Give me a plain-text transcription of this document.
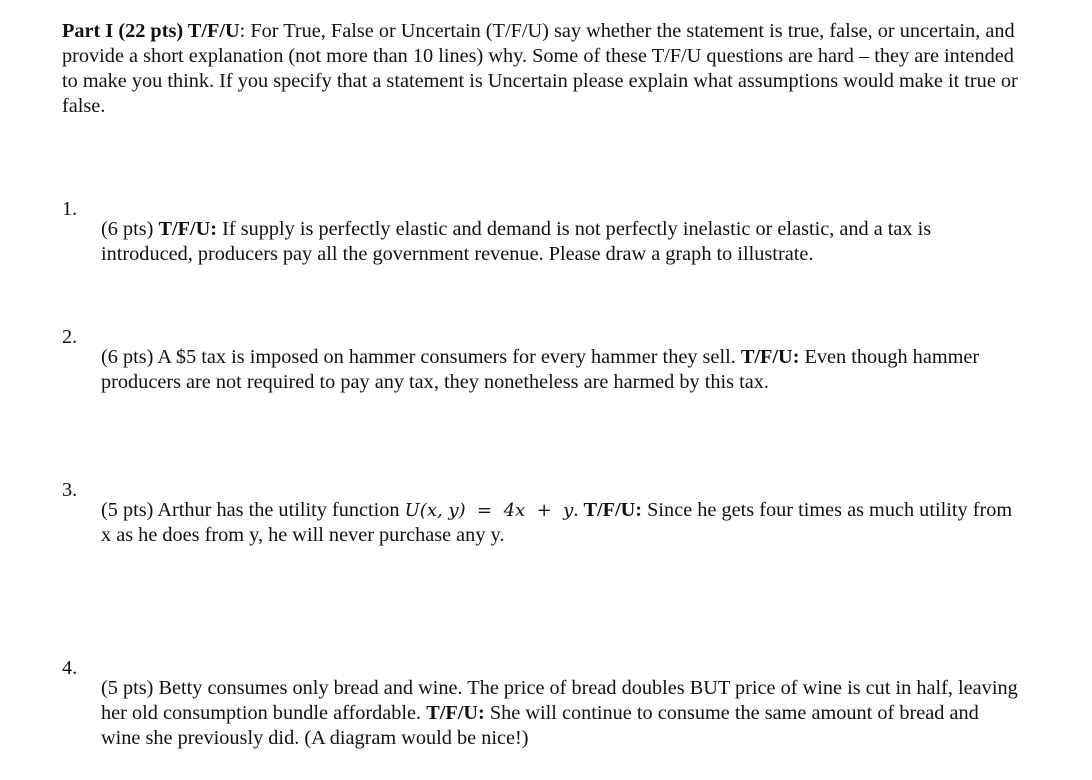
Part I (22 pts) T/F/U: For True, False or Uncertain (T/F/U) say whether the statement is true, false, or uncertain, and provide a short explanation (not more than 10 lines) why. Some of these T/F/U questions are hard – they are intended to make you think. If you specify that a statement is Uncertain please explain what assumptions would make it true or false.

1.

(6 pts) T/F/U: If supply is perfectly elastic and demand is not perfectly inelastic or elastic, and a tax is introduced, producers pay all the government revenue. Please draw a graph to illustrate.

2.

(6 pts) A $5 tax is imposed on hammer consumers for every hammer they sell. T/F/U: Even though hammer producers are not required to pay any tax, they nonetheless are harmed by this tax.

3.

(5 pts) Arthur has the utility function U(x, y)  =  4x  +  y. T/F/U: Since he gets four times as much utility from x as he does from y, he will never purchase any y.

4.

(5 pts) Betty consumes only bread and wine. The price of bread doubles BUT price of wine is cut in half, leaving her old consumption bundle affordable. T/F/U: She will continue to consume the same amount of bread and wine she previously did. (A diagram would be nice!)
